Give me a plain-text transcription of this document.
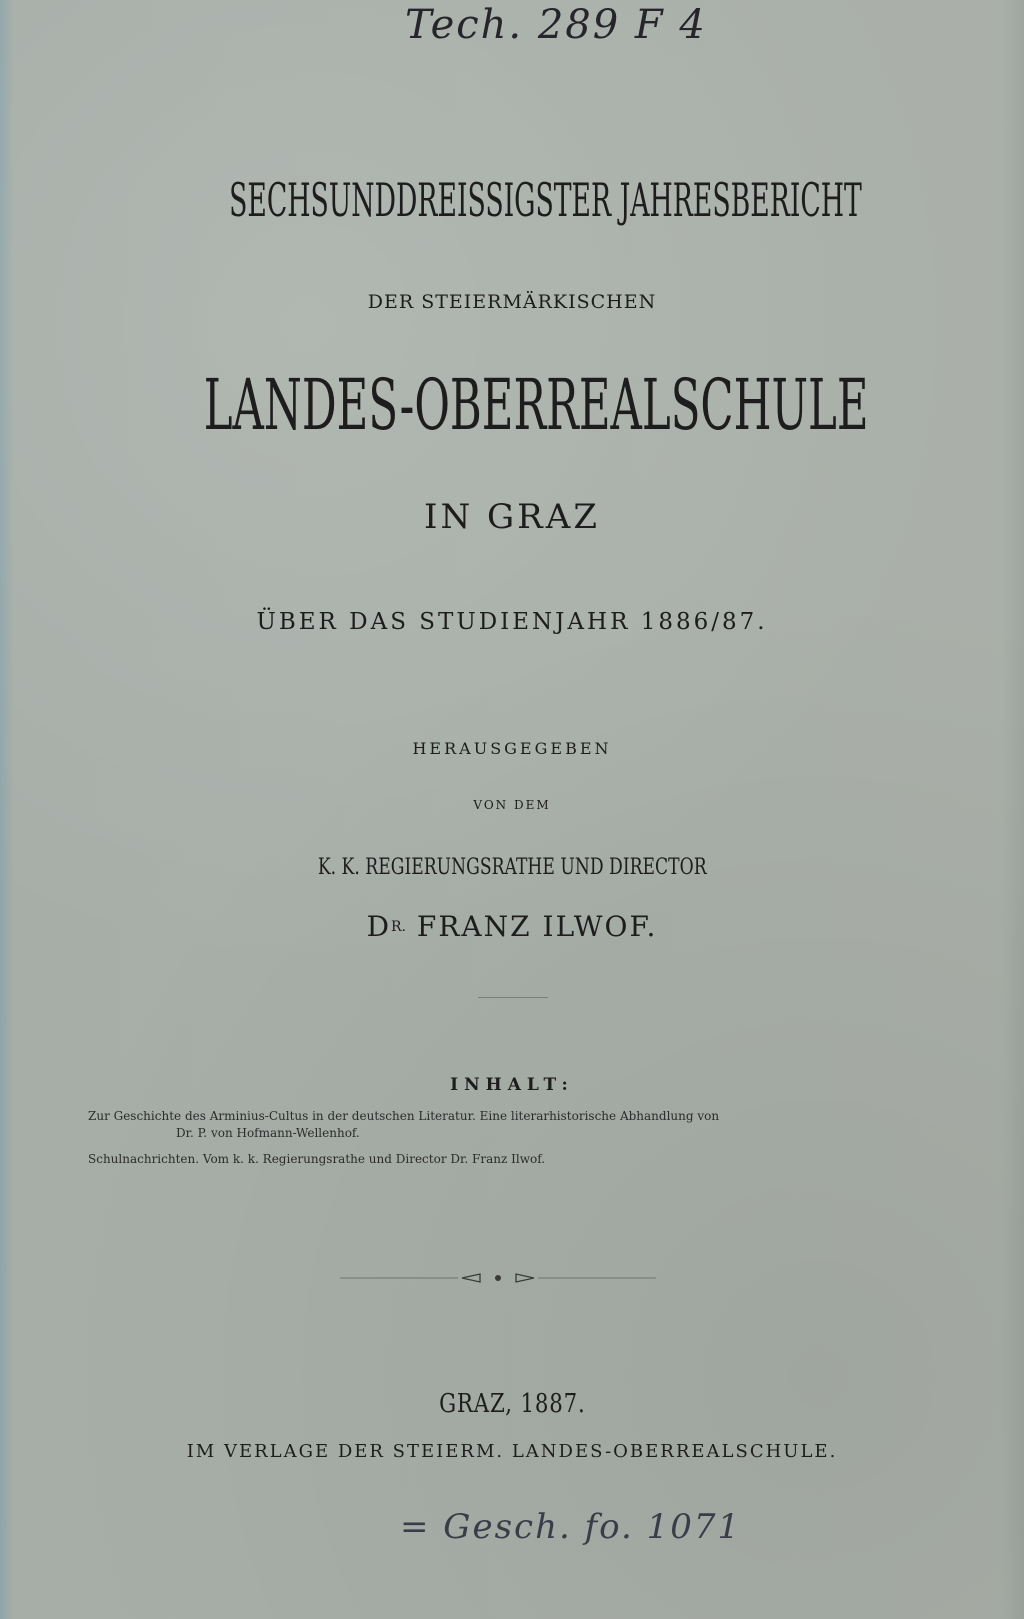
Tech. 289 F 4
SECHSUNDDREISSIGSTER JAHRESBERICHT
DER STEIERMÄRKISCHEN
LANDES-OBERREALSCHULE
IN GRAZ
ÜBER DAS STUDIENJAHR 1886/87.
HERAUSGEGEBEN
VON DEM
K. K. REGIERUNGSRATHE UND DIRECTOR
$D^{R.}$ FRANZ ILWOF.
INHALT:
Zur Geschichte des Arminius-Cultus in der deutschen Literatur. Eine literarhistorische Abhandlung von
Dr. P. von Hofmann-Wellenhof.
Schulnachrichten. Vom k. k. Regierungsrathe und Director Dr. Franz Ilwof.
GRAZ, 1887.
IM VERLAGE DER STEIERM. LANDES-OBERREALSCHULE.
= Gesch. fo. 1071
